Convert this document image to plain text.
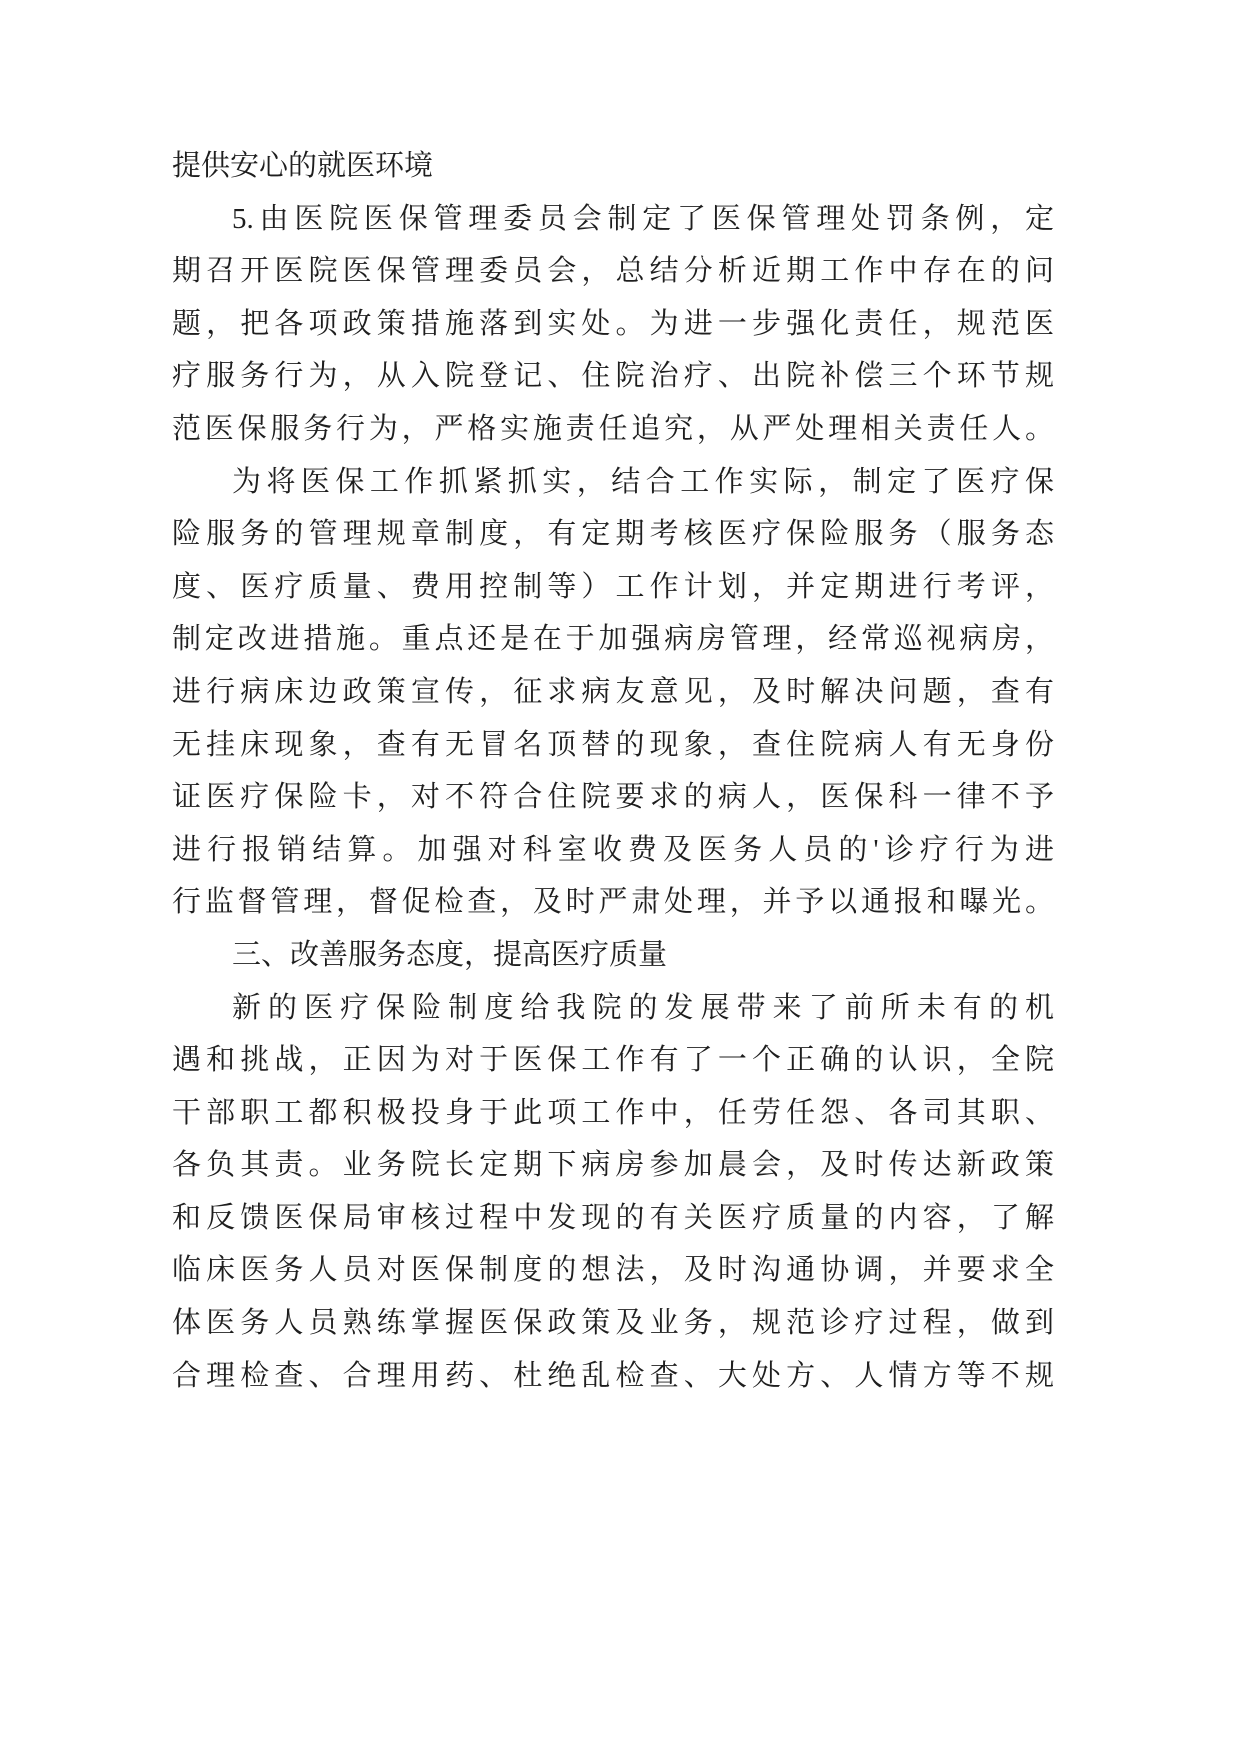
提供安心的就医环境
5.由医院医保管理委员会制定了医保管理处罚条例，定
期召开医院医保管理委员会，总结分析近期工作中存在的问
题，把各项政策措施落到实处。为进一步强化责任，规范医
疗服务行为，从入院登记、住院治疗、出院补偿三个环节规
范医保服务行为，严格实施责任追究，从严处理相关责任人。
为将医保工作抓紧抓实，结合工作实际，制定了医疗保
险服务的管理规章制度，有定期考核医疗保险服务（服务态
度、医疗质量、费用控制等）工作计划，并定期进行考评，
制定改进措施。重点还是在于加强病房管理，经常巡视病房，
进行病床边政策宣传，征求病友意见，及时解决问题，查有
无挂床现象，查有无冒名顶替的现象，查住院病人有无身份
证医疗保险卡，对不符合住院要求的病人，医保科一律不予
进行报销结算。加强对科室收费及医务人员的'诊疗行为进
行监督管理，督促检查，及时严肃处理，并予以通报和曝光。
三、改善服务态度，提高医疗质量
新的医疗保险制度给我院的发展带来了前所未有的机
遇和挑战，正因为对于医保工作有了一个正确的认识，全院
干部职工都积极投身于此项工作中，任劳任怨、各司其职、
各负其责。业务院长定期下病房参加晨会，及时传达新政策
和反馈医保局审核过程中发现的有关医疗质量的内容，了解
临床医务人员对医保制度的想法，及时沟通协调，并要求全
体医务人员熟练掌握医保政策及业务，规范诊疗过程，做到
合理检查、合理用药、杜绝乱检查、大处方、人情方等不规
